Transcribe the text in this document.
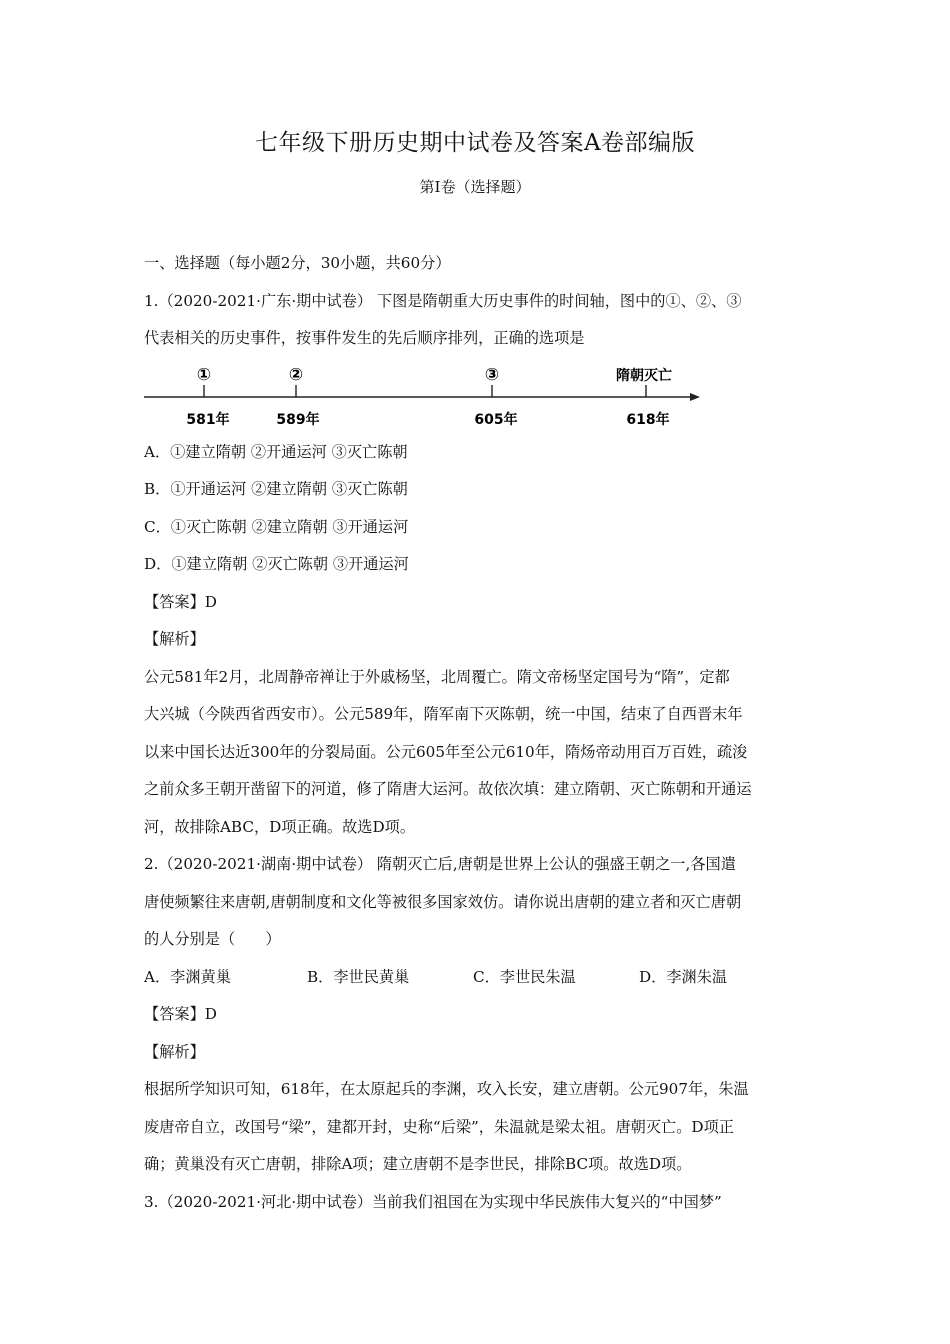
七年级下册历史期中试卷及答案A卷部编版
第I卷（选择题）
一、选择题（每小题2分，30小题，共60分）
1.（2020-2021·广东·期中试卷） 下图是隋朝重大历史事件的时间轴，图中的①、②、③
代表相关的历史事件，按事件发生的先后顺序排列，正确的选项是
①	②	③	隋朝灭亡
581年	589年	605年	618年
A．①建立隋朝 ②开通运河 ③灭亡陈朝
B．①开通运河 ②建立隋朝 ③灭亡陈朝
C．①灭亡陈朝 ②建立隋朝 ③开通运河
D．①建立隋朝 ②灭亡陈朝 ③开通运河
【答案】D
【解析】
公元581年2月，北周静帝禅让于外戚杨坚，北周覆亡。隋文帝杨坚定国号为“隋”，定都
大兴城（今陕西省西安市）。公元589年，隋军南下灭陈朝，统一中国，结束了自西晋末年
以来中国长达近300年的分裂局面。公元605年至公元610年，隋炀帝动用百万百姓，疏浚
之前众多王朝开凿留下的河道，修了隋唐大运河。故依次填：建立隋朝、灭亡陈朝和开通运
河，故排除ABC，D项正确。故选D项。
2.（2020-2021·湖南·期中试卷） 隋朝灭亡后,唐朝是世界上公认的强盛王朝之一,各国遣
唐使频繁往来唐朝,唐朝制度和文化等被很多国家效仿。请你说出唐朝的建立者和灭亡唐朝
的人分别是（　　）
A．李渊黄巢	B．李世民黄巢	C．李世民朱温	D．李渊朱温
【答案】D
【解析】
根据所学知识可知，618年，在太原起兵的李渊，攻入长安，建立唐朝。公元907年，朱温
废唐帝自立，改国号“梁”，建都开封，史称“后梁”，朱温就是梁太祖。唐朝灭亡。D项正
确；黄巢没有灭亡唐朝，排除A项；建立唐朝不是李世民，排除BC项。故选D项。
3.（2020-2021·河北·期中试卷）当前我们祖国在为实现中华民族伟大复兴的“中国梦”
